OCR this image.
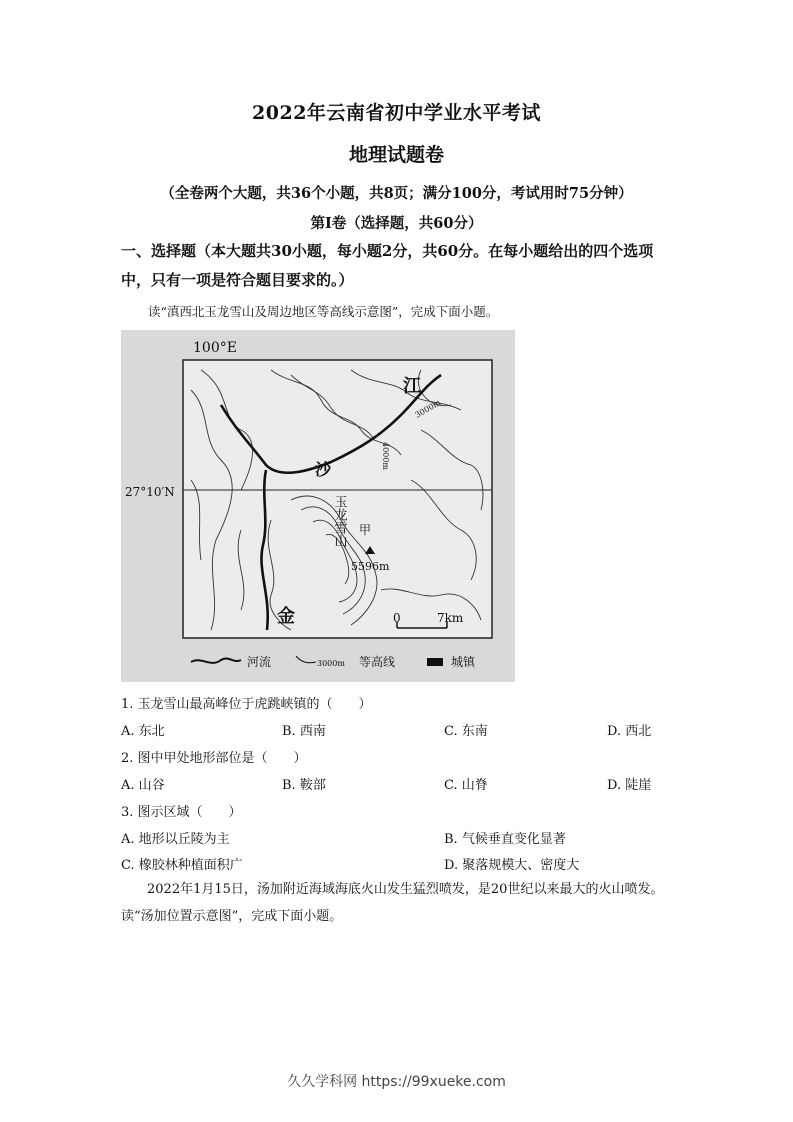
2022年云南省初中学业水平考试
地理试题卷
（全卷两个大题，共36个小题，共8页；满分100分，考试用时75分钟）
第Ⅰ卷（选择题，共60分）
一、选择题（本大题共30小题，每小题2分，共60分。在每小题给出的四个选项中，只有一项是符合题目要求的。）
读“滇西北玉龙雪山及周边地区等高线示意图”，完成下面小题。
100°E
27°10′N
金
江
沙
玉龙雪山 甲
5596m
4000m
3000m
0	7km
河流	3000m 等高线	城镇
1. 玉龙雪山最高峰位于虎跳峡镇的（　　）
A. 东北	B. 西南	C. 东南	D. 西北
2. 图中甲处地形部位是（　　）
A. 山谷	B. 鞍部	C. 山脊	D. 陡崖
3. 图示区域（　　）
A. 地形以丘陵为主	B. 气候垂直变化显著
C. 橡胶林种植面积广	D. 聚落规模大、密度大
2022年1月15日，汤加附近海域海底火山发生猛烈喷发，是20世纪以来最大的火山喷发。读“汤加位置示意图”，完成下面小题。
久久学科网 https://99xueke.com
